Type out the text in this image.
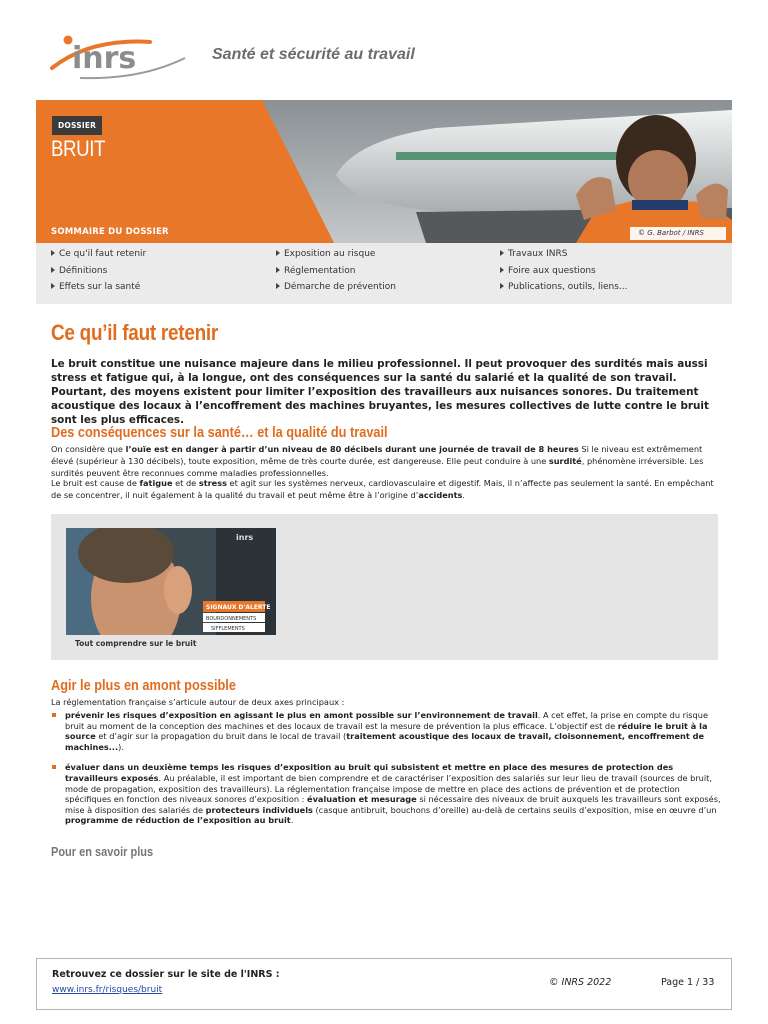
inrs	Santé et sécurité au travail
DOSSIER
BRUIT
SOMMAIRE DU DOSSIER	© G. Barbot / INRS
Ce qu'il faut retenir
Définitions
Effets sur la santé
Exposition au risque
Réglementation
Démarche de prévention
Travaux INRS
Foire aux questions
Publications, outils, liens...
Ce qu’il faut retenir

Le bruit constitue une nuisance majeure dans le milieu professionnel. Il peut provoquer des surdités mais aussi stress et fatigue qui, à la longue, ont des conséquences sur la santé du salarié et la qualité de son travail. Pourtant, des moyens existent pour limiter l’exposition des travailleurs aux nuisances sonores. Du traitement acoustique des locaux à l’encoffrement des machines bruyantes, les mesures collectives de lutte contre le bruit sont les plus efficaces.

Des conséquences sur la santé… et la qualité du travail

On considère que l’ouïe est en danger à partir d’un niveau de 80 décibels durant une journée de travail de 8 heures Si le niveau est extrêmement élevé (supérieur à 130 décibels), toute exposition, même de très courte durée, est dangereuse. Elle peut conduire à une surdité, phénomène irréversible. Les surdités peuvent être reconnues comme maladies professionnelles.

Le bruit est cause de fatigue et de stress et agit sur les systèmes nerveux, cardiovasculaire et digestif. Mais, il n’affecte pas seulement la santé. En empêchant de se concentrer, il nuit également à la qualité du travail et peut même être à l’origine d’accidents.

inrs
SIGNAUX D'ALERTE
BOURDONNEMENTS
SIFFLEMENTS
Tout comprendre sur le bruit
Agir le plus en amont possible

La réglementation française s’articule autour de deux axes principaux :

prévenir les risques d’exposition en agissant le plus en amont possible sur l’environnement de travail. A cet effet, la prise en compte du risque bruit au moment de la conception des machines et des locaux de travail est la mesure de prévention la plus efficace. L’objectif est de réduire le bruit à la source et d’agir sur la propagation du bruit dans le local de travail (traitement acoustique des locaux de travail, cloisonnement, encoffrement de machines...).
évaluer dans un deuxième temps les risques d’exposition au bruit qui subsistent et mettre en place des mesures de protection des travailleurs exposés. Au préalable, il est important de bien comprendre et de caractériser l’exposition des salariés sur leur lieu de travail (sources de bruit, mode de propagation, exposition des travailleurs). La réglementation française impose de mettre en place des actions de prévention et de protection spécifiques en fonction des niveaux sonores d’exposition : évaluation et mesurage si nécessaire des niveaux de bruit auxquels les travailleurs sont exposés, mise à disposition des salariés de protecteurs individuels (casque antibruit, bouchons d’oreille) au-delà de certains seuils d’exposition, mise en œuvre d’un programme de réduction de l’exposition au bruit.
Pour en savoir plus
Retrouvez ce dossier sur le site de l'INRS :
www.inrs.fr/risques/bruit
© INRS 2022	Page 1 / 33
